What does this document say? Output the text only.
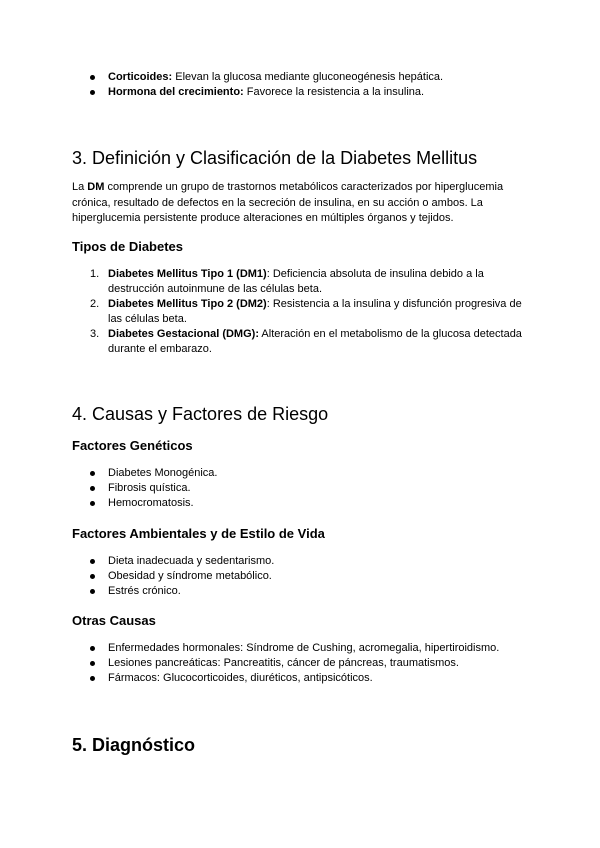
Corticoides: Elevan la glucosa mediante gluconeogénesis hepática.
Hormona del crecimiento: Favorece la resistencia a la insulina.
3. Definición y Clasificación de la Diabetes Mellitus

La DM comprende un grupo de trastornos metabólicos caracterizados por hiperglucemia crónica, resultado de defectos en la secreción de insulina, en su acción o ambos. La hiperglucemia persistente produce alteraciones en múltiples órganos y tejidos.

Tipos de Diabetes
1. Diabetes Mellitus Tipo 1 (DM1): Deficiencia absoluta de insulina debido a la destrucción autoinmune de las células beta.
2. Diabetes Mellitus Tipo 2 (DM2): Resistencia a la insulina y disfunción progresiva de las células beta.
3. Diabetes Gestacional (DMG): Alteración en el metabolismo de la glucosa detectada durante el embarazo.
4. Causas y Factores de Riesgo
Factores Genéticos
Diabetes Monogénica.
Fibrosis quística.
Hemocromatosis.
Factores Ambientales y de Estilo de Vida
Dieta inadecuada y sedentarismo.
Obesidad y síndrome metabólico.
Estrés crónico.
Otras Causas
Enfermedades hormonales: Síndrome de Cushing, acromegalia, hipertiroidismo.
Lesiones pancreáticas: Pancreatitis, cáncer de páncreas, traumatismos.
Fármacos: Glucocorticoides, diuréticos, antipsicóticos.
5. Diagnóstico
